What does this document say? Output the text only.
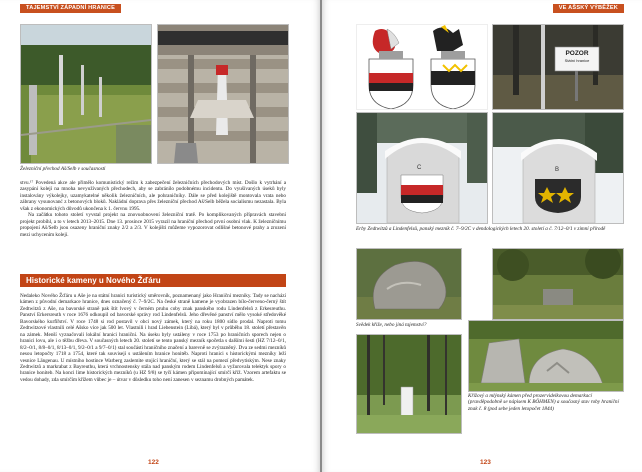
TAJEMSTVÍ ZÁPADNÍ HRANICE
Železniční přechod Aš/Selb v současnosti

stvu.¹⁷ Povedená akce ale přimělo komunistický režim k zabezpečení železničních přechodových míst. Došlo k vytrhání a zasypání kolejí na mnoha nevyužívaných přechodech, aby se zabránilo podobnému incidentu. Do vyušívaných úseků byly instalovány výkolejky, uzamykatelné několik železničních, ale pohraničníky. Dále se před kolejiště montovala vrata nebo zábrany vysunovanć z betonových bloků. Nakládní doprava přes železniční přechod Aš/Selb běžela socialismu nezastala. Byla však z ekonomických důvodů ukončena k 1. červnu 1995.

Na začátku tohoto století vyvstal projekt na znovuobnovení železniční tratě. Po komplikovaných přípravách stavební projekt probíhl, a to v letech 2013–2015. Dne 13. prosince 2015 vyrazil na hraniční přechod první osobní vlak. K železničnímu propojení Aš/Selb jsou osazeny hraniční znaky 2/2 a 2/3. V kolejišti můžeme vypozorovat odlišné betonové prahy a zrození mezi uchycením kolejí.

Historické kameny u Nového Žďáru

Nedaleko Nového Žďáru u Aše je na státní hranici turistický směrovník, poznamenaný jako Hraniční mezníky. Tady se nachází kámen z původní demarkace hranice, dnes označený č. 7–9/2C. Na české straně kamene je vyobrazen bílo-červeno-černý štít Zedtwitzů z Aše, na bavorské straně pak štít lvový v černém pruhu coby znak panského rodu Lindenfelsů z Erkesreuthu. Panství Erkersreuth v roce 1676 odkoupil od bavorské správy rod Lindenfelsů. Jeho dřevěné panství mělo vysoké středověké Bavorského kurfiřství. V roce 1748 si rod postavil v obci nový zámek, který na roku 1800 sídlo prodal. Naproti tomu Zedtwitzové vlastnili celé Ašsko více jak 500 let. Vlastnili i hrad Liebenstein (Libá), který byl v průběhu 18. století přestavěn na zámek. Menší vyznačovali lokální hranici hraniční. Na úseku byly ustáleny v roce 1753 po hraničních sporech nejen o hranici lovu, ale i o těžbu dřeva. V současných letech 20. století se tento panský mezník spočetla s dalšími šesti (HZ 7/12–0/1, 8/2–0/1, 8/8–0/1, 8/13–0/1, 9/2–0/1 a 9/7–0/1) stal součástí hraničního značení a barevně se zvýrazněný. Dva ze sedmi mezníků nesou letopočty 1718 a 1754, které tak souvisejí s ustálením hranice honitéb. Naproti hranici s historickými mezníky leží vesnice Längenau. U místního hostince Warberg zaslemite stojící hraniční, který se stál na pomezí předvytiským. Nese znaky Zedtwitzů a markrabat z Bayreuthu, která vrchnostensky stála nad panským rodem Lindenfelsů a vyžurovala telektyk spory o hranice honiteb. Na konci lime historických mezníků (u HZ 9/8) se tyčí kámen připomínající smírčí kříž. Vzorem artefaktu se vedou dohady, zda smírčím křížem vůbec je – útvar v důsledku toho není zanesen v seznamu drobných památek.

122
VE AŠSKÝ VÝBĚŽEK
POZOR
Státní hranice
C	B
Erby Zedtwitzů a Lindenfelsů, panský mezník č. 7–9/2C v dendologických letech 20. století a č. 7/12–0/1 v zimní přírodě
Svědek křiže, nebo jiná tajemství?
Křížový a mlýnský kámen před prozervidelkovou demarkací (pravděpodobně se nápisem K BÖHMEN) a současný stav roby hraniční znak č. 8 (pod sebe jeden letopočet 1844)
123
